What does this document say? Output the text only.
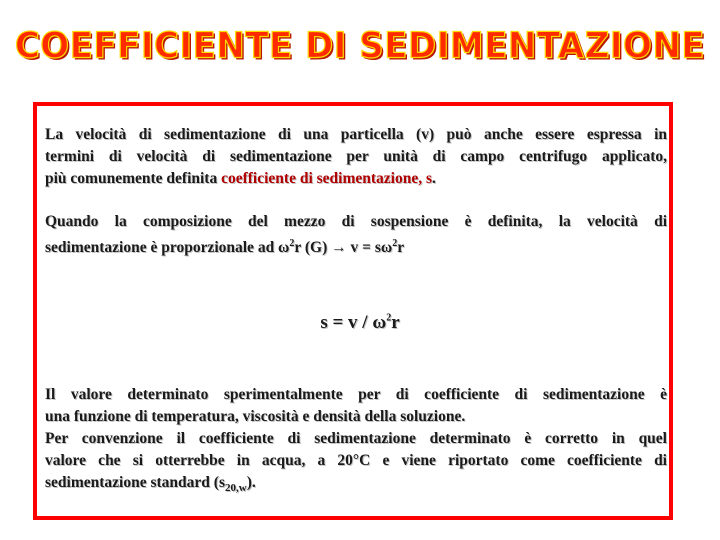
COEFFICIENTE DI SEDIMENTAZIONE
La velocità di sedimentazione di una particella (v) può anche essere espressa in
termini di velocità di sedimentazione per unità di campo centrifugo applicato,
più comunemente definita coefficiente di sedimentazione, s.
Quando la composizione del mezzo di sospensione è definita, la velocità di
sedimentazione è proporzionale ad $\omega^2r$ $(G) \to v = s\omega^2r$
$s = v / \omega^2r$
Il valore determinato sperimentalmente per di coefficiente di sedimentazione è
una funzione di temperatura, viscosità e densità della soluzione.
Per convenzione il coefficiente di sedimentazione determinato è corretto in quel
valore che si otterrebbe in acqua, a 20°C e viene riportato come coefficiente di
sedimentazione standard $(s_{20,w})$.
